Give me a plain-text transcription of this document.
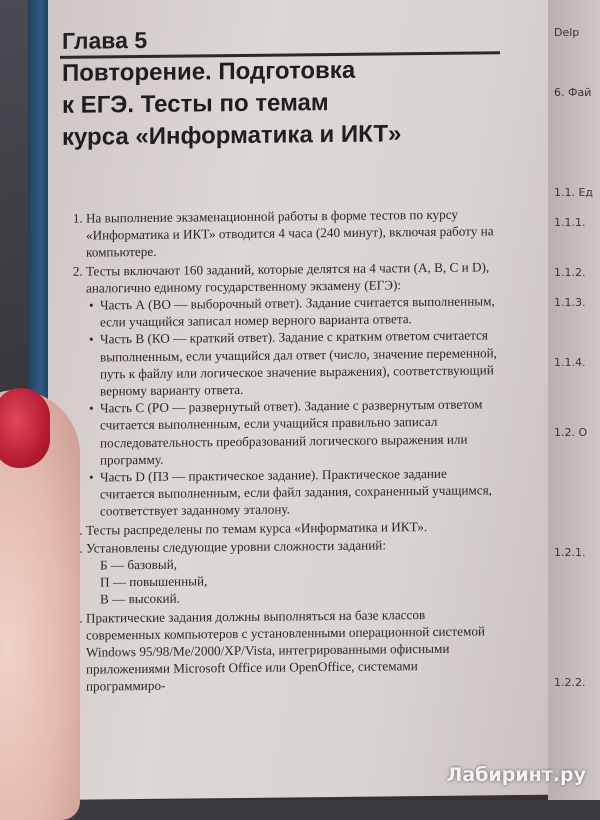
Глава 5
Повторение. Подготовка
к ЕГЭ. Тесты по темам
курса «Информатика и ИКТ»
1. На выполнение экзаменационной работы в форме тестов по курсу «Информатика и ИКТ» отводится 4 часа (240 минут), включая работу на компьютере.
2. Тесты включают 160 заданий, которые делятся на 4 части (A, B, C и D), аналогично единому государственному экзамену (ЕГЭ):
• Часть А (ВО — выборочный ответ). Задание считается выполненным, если учащийся записал номер верного варианта ответа.
• Часть В (КО — краткий ответ). Задание с кратким ответом считается выполненным, если учащийся дал ответ (число, значение переменной, путь к файлу или логическое значение выражения), соответствующий верному варианту ответа.
• Часть С (РО — развернутый ответ). Задание с развернутым ответом считается выполненным, если учащийся правильно записал последовательность преобразований логического выражения или программу.
• Часть D (ПЗ — практическое задание). Практическое задание считается выполненным, если файл задания, сохраненный учащимся, соответствует заданному эталону.
3. Тесты распределены по темам курса «Информатика и ИКТ».
4. Установлены следующие уровни сложности заданий:
Б — базовый,
П — повышенный,
В — высокий.
5. Практические задания должны выполняться на базе классов современных компьютеров с установленными операционной системой Windows 95/98/Me/2000/XP/Vista, интегрированными офисными приложениями Microsoft Office или OpenOffice, системами программиро-
Delp
6. Фай
1.1. Ед
1.1.1.
1.1.2.
1.1.3.
1.1.4.
1.2. О
1.2.1.
1.2.2.
Лабиринт.ру
